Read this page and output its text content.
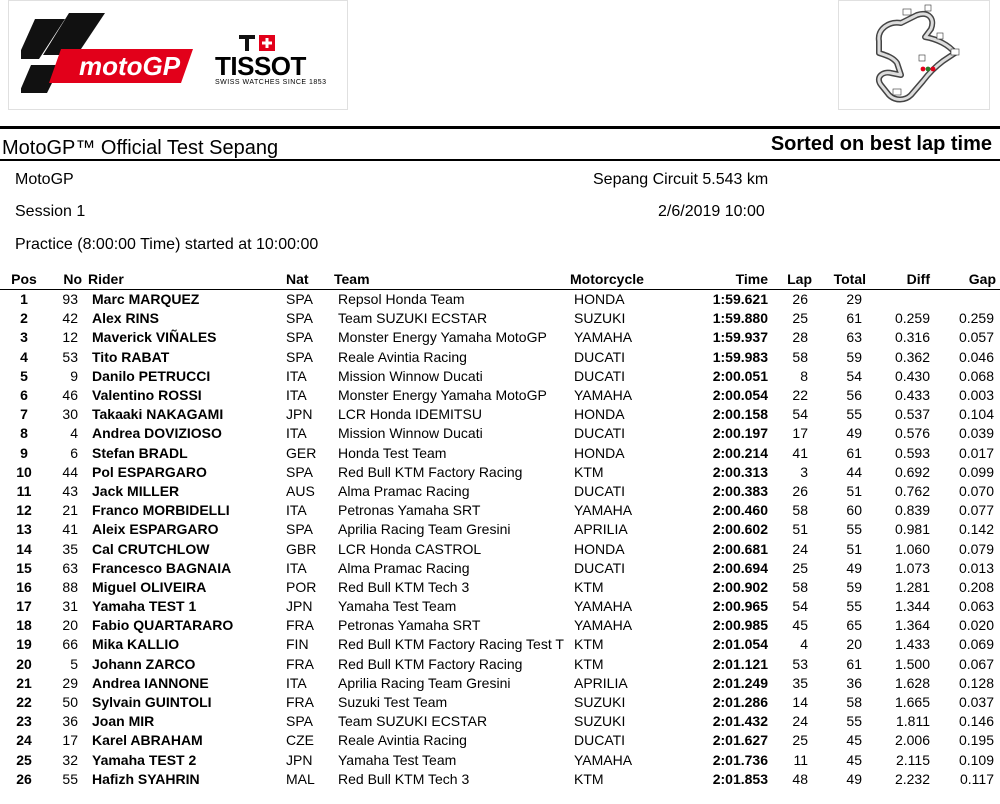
motoGP TISSOT
SWISS WATCHES SINCE 1853
MotoGP™ Official Test Sepang	Sorted on best lap time
MotoGP	Sepang Circuit 5.543 km
Session 1	2/6/2019 10:00
Practice (8:00:00 Time) started at 10:00:00
Pos	No	Rider	Nat	Team	Motorcycle	Time	Lap	Total	Diff	Gap
1	93	Marc MARQUEZ	SPA	Repsol Honda Team	HONDA	1:59.621	26	29		
2	42	Alex RINS	SPA	Team SUZUKI ECSTAR	SUZUKI	1:59.880	25	61	0.259	0.259
3	12	Maverick VIÑALES	SPA	Monster Energy Yamaha MotoGP	YAMAHA	1:59.937	28	63	0.316	0.057
4	53	Tito RABAT	SPA	Reale Avintia Racing	DUCATI	1:59.983	58	59	0.362	0.046
5	9	Danilo PETRUCCI	ITA	Mission Winnow Ducati	DUCATI	2:00.051	8	54	0.430	0.068
6	46	Valentino ROSSI	ITA	Monster Energy Yamaha MotoGP	YAMAHA	2:00.054	22	56	0.433	0.003
7	30	Takaaki NAKAGAMI	JPN	LCR Honda IDEMITSU	HONDA	2:00.158	54	55	0.537	0.104
8	4	Andrea DOVIZIOSO	ITA	Mission Winnow Ducati	DUCATI	2:00.197	17	49	0.576	0.039
9	6	Stefan BRADL	GER	Honda Test Team	HONDA	2:00.214	41	61	0.593	0.017
10	44	Pol ESPARGARO	SPA	Red Bull KTM Factory Racing	KTM	2:00.313	3	44	0.692	0.099
11	43	Jack MILLER	AUS	Alma Pramac Racing	DUCATI	2:00.383	26	51	0.762	0.070
12	21	Franco MORBIDELLI	ITA	Petronas Yamaha SRT	YAMAHA	2:00.460	58	60	0.839	0.077
13	41	Aleix ESPARGARO	SPA	Aprilia Racing Team Gresini	APRILIA	2:00.602	51	55	0.981	0.142
14	35	Cal CRUTCHLOW	GBR	LCR Honda CASTROL	HONDA	2:00.681	24	51	1.060	0.079
15	63	Francesco BAGNAIA	ITA	Alma Pramac Racing	DUCATI	2:00.694	25	49	1.073	0.013
16	88	Miguel OLIVEIRA	POR	Red Bull KTM Tech 3	KTM	2:00.902	58	59	1.281	0.208
17	31	Yamaha TEST 1	JPN	Yamaha Test Team	YAMAHA	2:00.965	54	55	1.344	0.063
18	20	Fabio QUARTARARO	FRA	Petronas Yamaha SRT	YAMAHA	2:00.985	45	65	1.364	0.020
19	66	Mika KALLIO	FIN	Red Bull KTM Factory Racing Test T	KTM	2:01.054	4	20	1.433	0.069
20	5	Johann ZARCO	FRA	Red Bull KTM Factory Racing	KTM	2:01.121	53	61	1.500	0.067
21	29	Andrea IANNONE	ITA	Aprilia Racing Team Gresini	APRILIA	2:01.249	35	36	1.628	0.128
22	50	Sylvain GUINTOLI	FRA	Suzuki Test Team	SUZUKI	2:01.286	14	58	1.665	0.037
23	36	Joan MIR	SPA	Team SUZUKI ECSTAR	SUZUKI	2:01.432	24	55	1.811	0.146
24	17	Karel ABRAHAM	CZE	Reale Avintia Racing	DUCATI	2:01.627	25	45	2.006	0.195
25	32	Yamaha TEST 2	JPN	Yamaha Test Team	YAMAHA	2:01.736	11	45	2.115	0.109
26	55	Hafizh SYAHRIN	MAL	Red Bull KTM Tech 3	KTM	2:01.853	48	49	2.232	0.117
